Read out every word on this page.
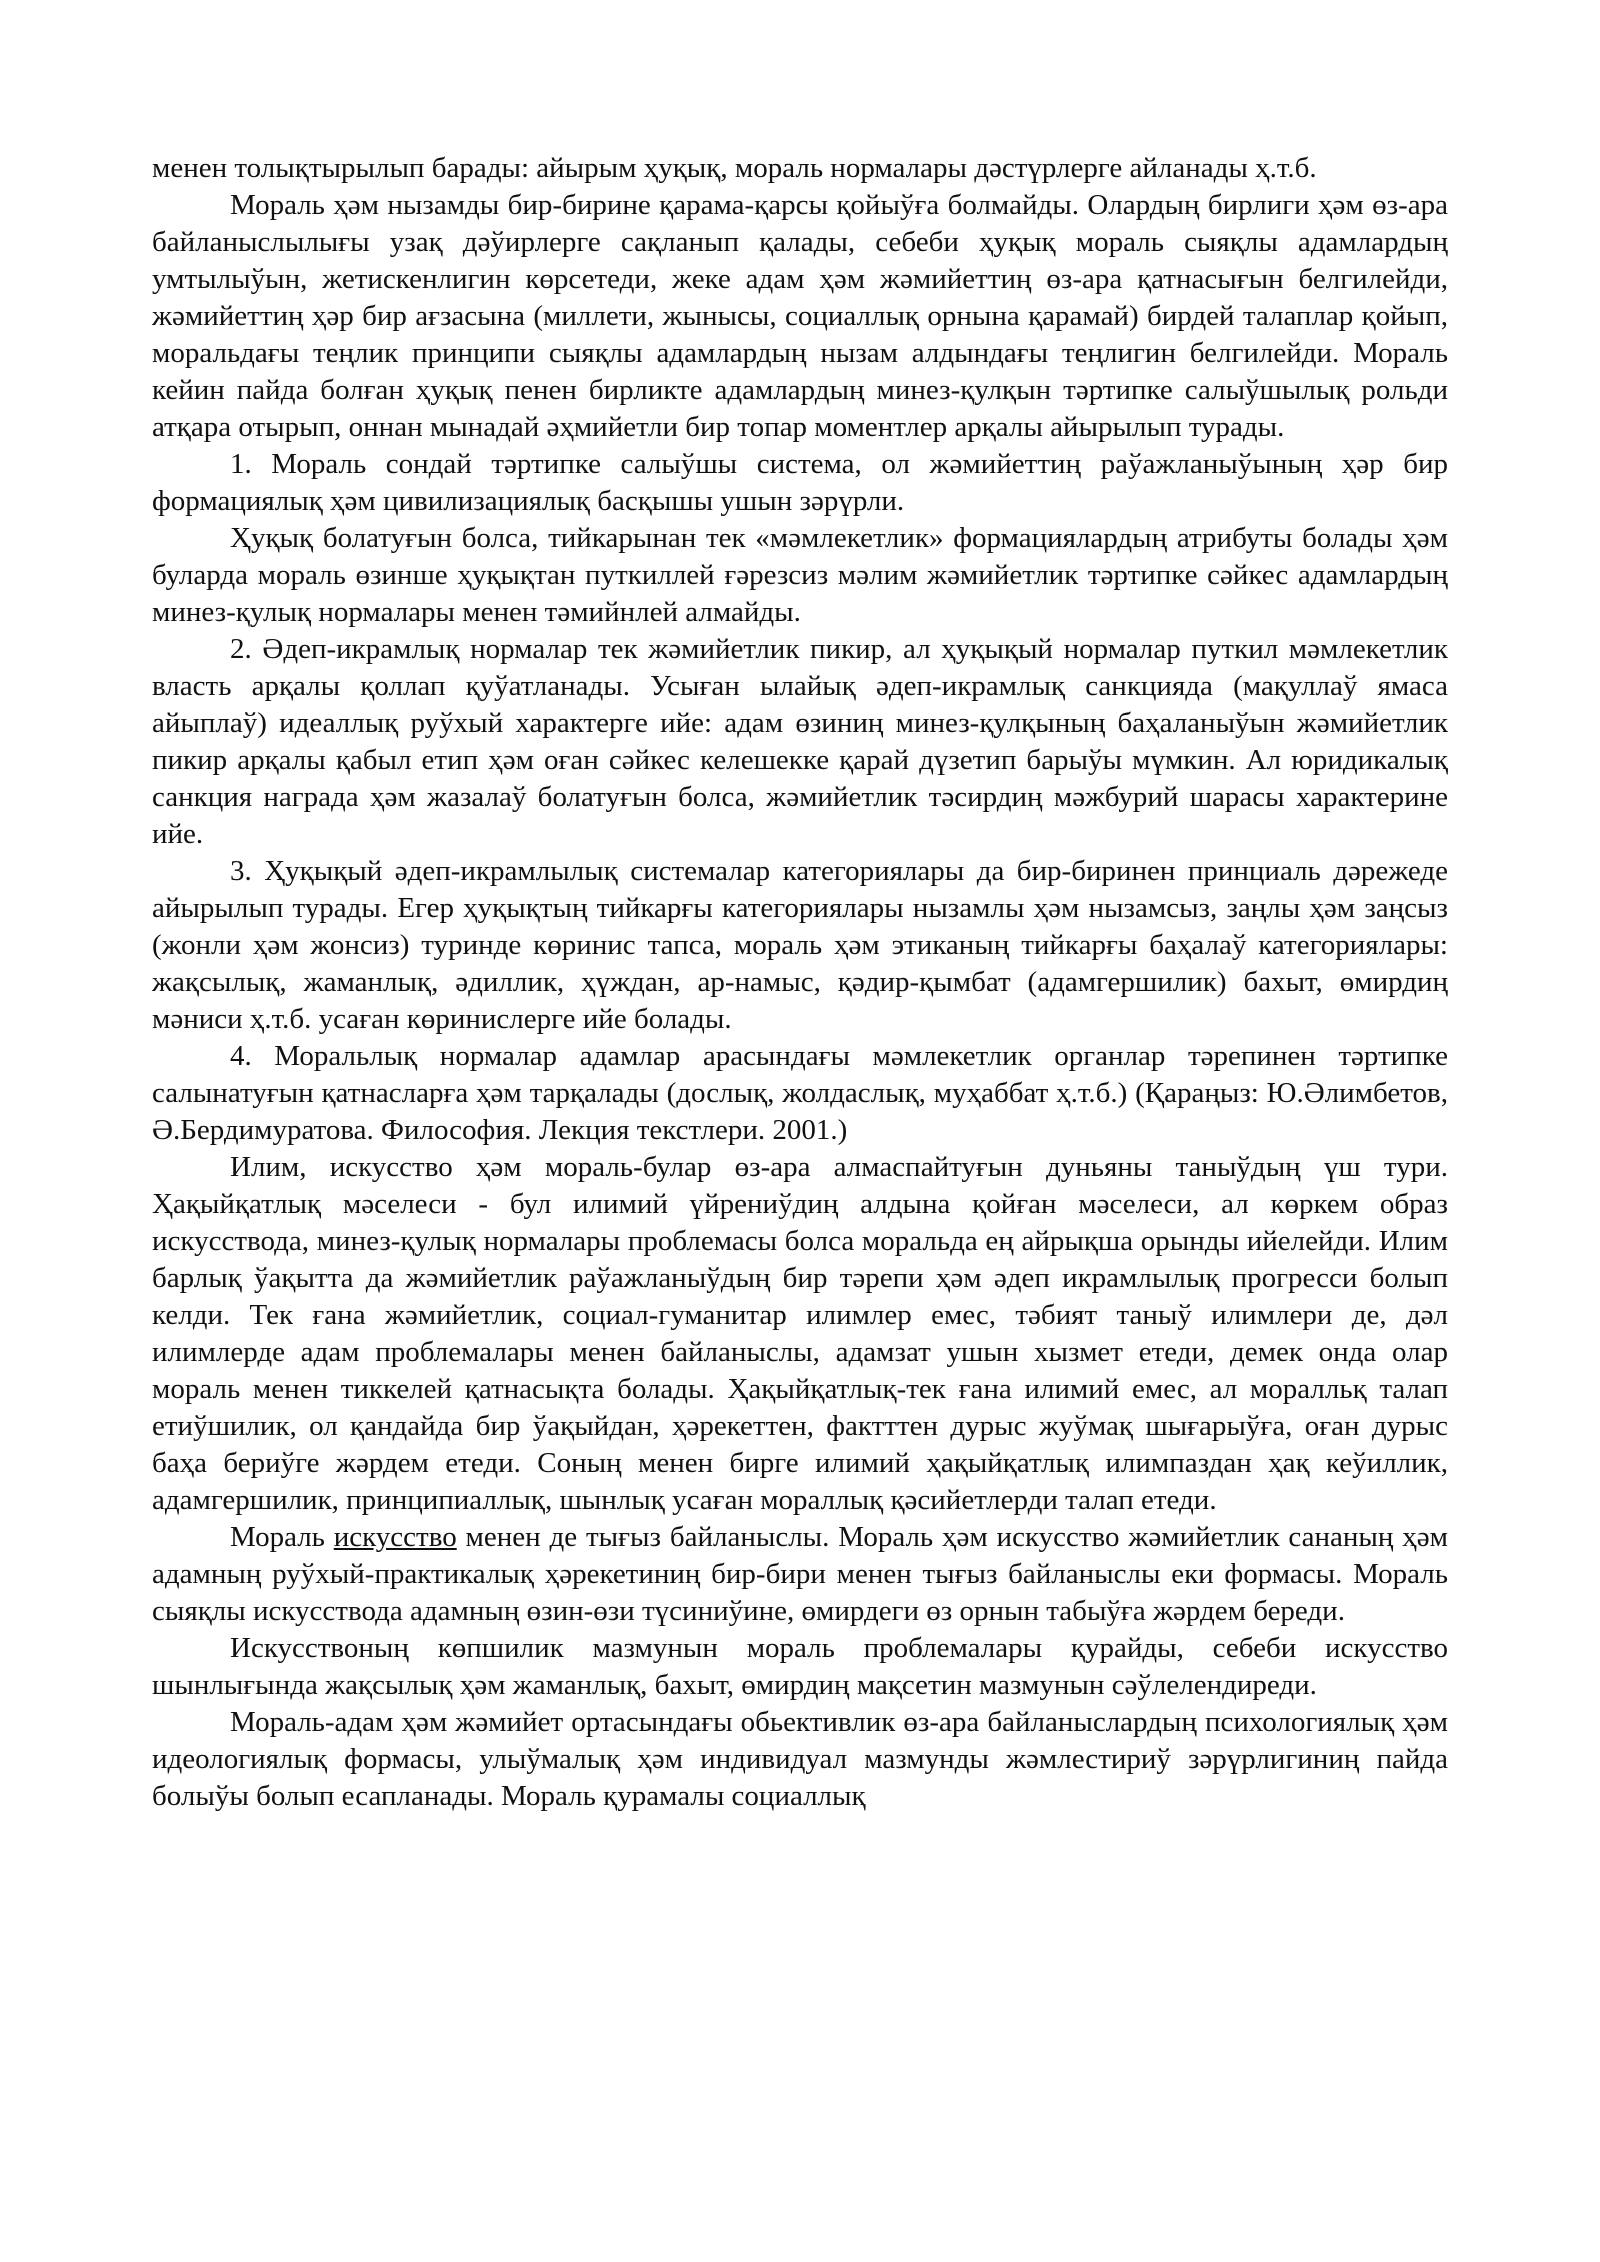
менен толықтырылып барады: айырым ҳуқық, мораль нормалары дәстүрлерге айланады ҳ.т.б.

Мораль ҳәм нызамды бир-бирине қарама-қарсы қойыўға болмайды. Олардың бирлиги ҳәм өз-ара байланыслылығы узақ дәўирлерге сақланып қалады, себеби ҳуқық мораль сыяқлы адамлардың умтылыўын, жетискенлигин көрсетеди, жеке адам ҳәм жәмийеттиң өз-ара қатнасығын белгилейди, жәмийеттиң ҳәр бир ағзасына (миллети, жынысы, социаллық орнына қарамай) бирдей талаплар қойып, моральдағы теңлик принципи сыяқлы адамлардың нызам алдындағы теңлигин белгилейди. Мораль кейин пайда болған ҳуқық пенен бирликте адамлардың минез-қулқын тәртипке салыўшылық рольди атқара отырып, оннан мынадай әҳмийетли бир топар моментлер арқалы айырылып турады.

1. Мораль сондай тәртипке салыўшы система, ол жәмийеттиң раўажланыўының ҳәр бир формациялық ҳәм цивилизациялық басқышы ушын зәрүрли.

Ҳуқық болатуғын болса, тийкарынан тек «мәмлекетлик» формациялардың атрибуты болады ҳәм буларда мораль өзинше ҳуқықтан путкиллей ғәрезсиз мәлим жәмийетлик тәртипке сәйкес адамлардың минез-қулық нормалары менен тәмийнлей алмайды.

2. Әдеп-икрамлық нормалар тек жәмийетлик пикир, ал ҳуқықый нормалар путкил мәмлекетлик власть арқалы қоллап қуўатланады. Усыған ылайық әдеп-икрамлық санкцияда (мақуллаў ямаса айыплаў) идеаллық руўхый характерге ийе: адам өзиниң минез-қулқының баҳаланыўын жәмийетлик пикир арқалы қабыл етип ҳәм оған сәйкес келешекке қарай дүзетип барыўы мүмкин. Ал юридикалық санкция награда ҳәм жазалаў болатуғын болса, жәмийетлик тәсирдиң мәжбурий шарасы характерине ийе.

3. Ҳуқықый әдеп-икрамлылық системалар категориялары да бир-биринен принциаль дәрежеде айырылып турады. Егер ҳуқықтың тийкарғы категориялары нызамлы ҳәм нызамсыз, заңлы ҳәм заңсыз (жонли ҳәм жонсиз) туринде көринис тапса, мораль ҳәм этиканың тийкарғы баҳалаў категориялары: жақсылық, жаманлық, әдиллик, ҳүждан, ар-намыс, қәдир-қымбат (адамгершилик) бахыт, өмирдиң мәниси ҳ.т.б. усаған көринислерге ийе болады.

4. Моральлық нормалар адамлар арасындағы мәмлекетлик органлар тәрепинен тәртипке салынатуғын қатнасларға ҳәм тарқалады (дослық, жолдаслық, муҳаббат ҳ.т.б.) (Қараңыз: Ю.Әлимбетов, Ә.Бердимуратова. Философия. Лекция текстлери. 2001.)

Илим, искусство ҳәм мораль-булар өз-ара алмаспайтуғын дуньяны таныўдың үш тури. Ҳақыйқатлық мәселеси - бул илимий үйрениўдиң алдына қойған мәселеси, ал көркем образ искусствода, минез-қулық нормалары проблемасы болса моральда ең айрықша орынды ийелейди. Илим барлық ўақытта да жәмийетлик раўажланыўдың бир тәрепи ҳәм әдеп икрамлылық прогресси болып келди. Тек ғана жәмийетлик, социал-гуманитар илимлер емес, тәбият таныў илимлери де, дәл илимлерде адам проблемалары менен байланыслы, адамзат ушын хызмет етеди, демек онда олар мораль менен тиккелей қатнасықта болады. Ҳақыйқатлық-тек ғана илимий емес, ал моралльқ талап етиўшилик, ол қандайда бир ўақыйдан, ҳәрекеттен, фактттен дурыс жуўмақ шығарыўға, оған дурыс баҳа бериўге жәрдем етеди. Соның менен бирге илимий ҳақыйқатлық илимпаздан ҳақ кеўиллик, адамгершилик, принципиаллық, шынлық усаған мораллық қәсийетлерди талап етеди.

Мораль искусство менен де тығыз байланыслы. Мораль ҳәм искусство жәмийетлик сананың ҳәм адамның руўхый-практикалық ҳәрекетиниң бир-бири менен тығыз байланыслы еки формасы. Мораль сыяқлы искусствода адамның өзин-өзи түсиниўине, өмирдеги өз орнын табыўға жәрдем береди.

Искусствоның көпшилик мазмунын мораль проблемалары қурайды, себеби искусство шынлығында жақсылық ҳәм жаманлық, бахыт, өмирдиң мақсетин мазмунын сәўлелендиреди.

Мораль-адам ҳәм жәмийет ортасындағы обьективлик өз-ара байланыслардың психологиялық ҳәм идеологиялық формасы, улыўмалық ҳәм индивидуал мазмунды жәмлестириў зәрүрлигиниң пайда болыўы болып есапланады. Мораль қурамалы социаллық
